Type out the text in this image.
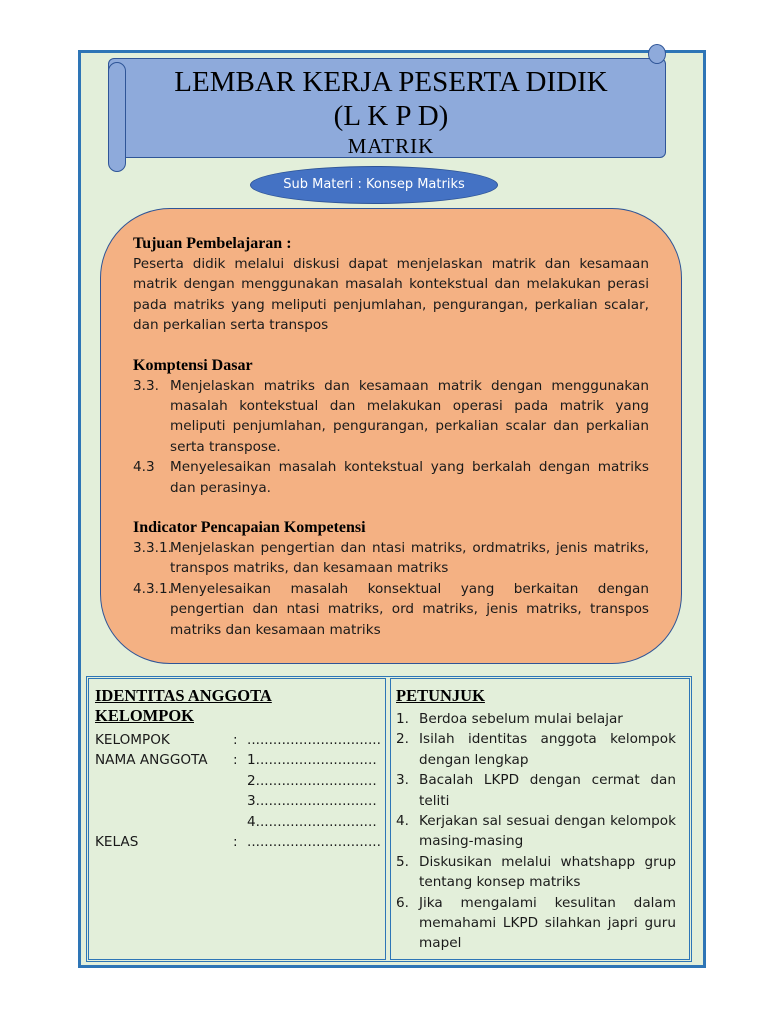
LEMBAR KERJA PESERTA DIDIK
(L K P D)
MATRIK
Sub Materi : Konsep Matriks
Tujuan Pembelajaran :
Peserta didik melalui diskusi dapat menjelaskan matrik dan kesamaan matrik dengan menggunakan masalah kontekstual dan melakukan perasi pada matriks yang meliputi penjumlahan, pengurangan, perkalian scalar, dan perkalian serta transpos
Komptensi Dasar
3.3. Menjelaskan matriks dan kesamaan matrik dengan menggunakan masalah kontekstual dan melakukan operasi pada matrik yang meliputi penjumlahan, pengurangan, perkalian scalar dan perkalian serta transpose.
4.3	Menyelesaikan masalah kontekstual yang berkalah dengan matriks dan perasinya.
Indicator Pencapaian Kompetensi
3.3.1.
Menjelaskan pengertian dan ntasi matriks, ordmatriks, jenis matriks, transpos matriks, dan kesamaan matriks
4.3.1.
Menyelesaikan masalah konsektual yang berkaitan dengan pengertian dan ntasi matriks, ord matriks, jenis matriks, transpos matriks dan kesamaan matriks
IDENTITAS ANGGOTA
KELOMPOK
KELOMPOK	: ...............................
NAMA ANGGOTA : 1............................
2............................
3............................
4............................
KELAS	: ...............................
PETUNJUK
1. Berdoa sebelum mulai belajar
2. Isilah identitas anggota kelompok dengan lengkap
3. Bacalah LKPD dengan cermat dan teliti
4. Kerjakan sal sesuai dengan kelompok masing-masing
5. Diskusikan melalui whatshapp grup tentang konsep matriks
6. Jika mengalami kesulitan dalam memahami LKPD silahkan japri guru mapel
